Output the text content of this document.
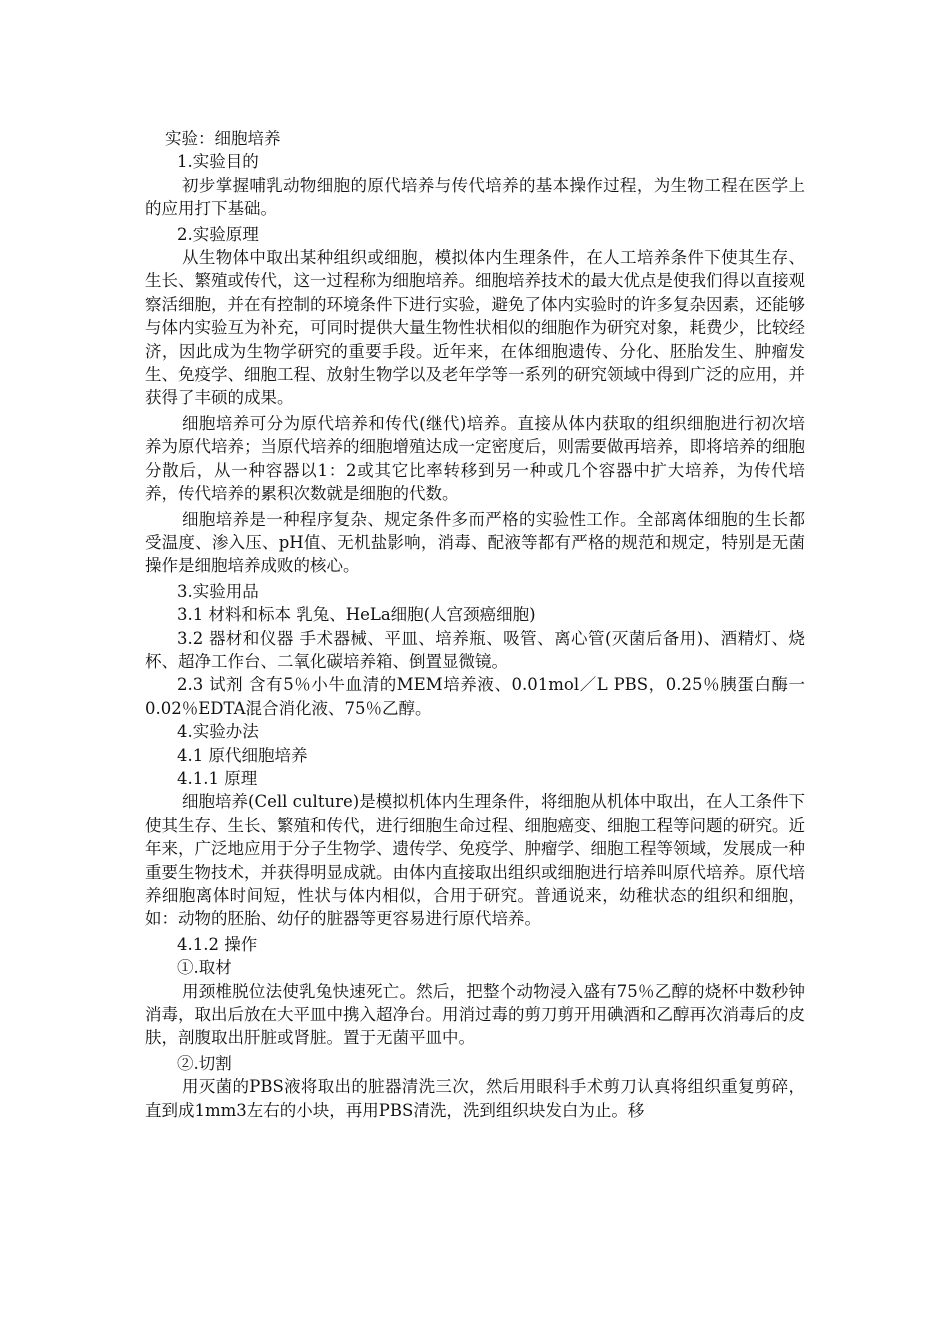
实验：细胞培养
1.实验目的
初步掌握哺乳动物细胞的原代培养与传代培养的基本操作过程，为生物工程在医学上的应用打下基础。
2.实验原理
从生物体中取出某种组织或细胞，模拟体内生理条件，在人工培养条件下使其生存、生长、繁殖或传代，这一过程称为细胞培养。细胞培养技术的最大优点是使我们得以直接观察活细胞，并在有控制的环境条件下进行实验，避免了体内实验时的许多复杂因素，还能够与体内实验互为补充，可同时提供大量生物性状相似的细胞作为研究对象，耗费少，比较经济，因此成为生物学研究的重要手段。近年来，在体细胞遗传、分化、胚胎发生、肿瘤发生、免疫学、细胞工程、放射生物学以及老年学等一系列的研究领域中得到广泛的应用，并获得了丰硕的成果。
细胞培养可分为原代培养和传代(继代)培养。直接从体内获取的组织细胞进行初次培养为原代培养；当原代培养的细胞增殖达成一定密度后，则需要做再培养，即将培养的细胞分散后，从一种容器以1：2或其它比率转移到另一种或几个容器中扩大培养，为传代培养，传代培养的累积次数就是细胞的代数。
细胞培养是一种程序复杂、规定条件多而严格的实验性工作。全部离体细胞的生长都受温度、渗入压、pH值、无机盐影响，消毒、配液等都有严格的规范和规定，特别是无菌操作是细胞培养成败的核心。
3.实验用品
3.1 材料和标本 乳兔、HeLa细胞(人宫颈癌细胞)
3.2 器材和仪器 手术器械、平皿、培养瓶、吸管、离心管(灭菌后备用)、酒精灯、烧杯、超净工作台、二氧化碳培养箱、倒置显微镜。
2.3 试剂 含有5％小牛血清的MEM培养液、0.01mol／L PBS，0.25％胰蛋白酶一0.02％EDTA混合消化液、75％乙醇。
4.实验办法
4.1 原代细胞培养
4.1.1 原理
细胞培养(Cell culture)是模拟机体内生理条件，将细胞从机体中取出，在人工条件下使其生存、生长、繁殖和传代，进行细胞生命过程、细胞癌变、细胞工程等问题的研究。近年来，广泛地应用于分子生物学、遗传学、免疫学、肿瘤学、细胞工程等领域，发展成一种重要生物技术，并获得明显成就。由体内直接取出组织或细胞进行培养叫原代培养。原代培养细胞离体时间短，性状与体内相似，合用于研究。普通说来，幼稚状态的组织和细胞，如：动物的胚胎、幼仔的脏器等更容易进行原代培养。
4.1.2 操作
①.取材
用颈椎脱位法使乳兔快速死亡。然后，把整个动物浸入盛有75％乙醇的烧杯中数秒钟消毒，取出后放在大平皿中携入超净台。用消过毒的剪刀剪开用碘酒和乙醇再次消毒后的皮肤，剖腹取出肝脏或肾脏。置于无菌平皿中。
②.切割
用灭菌的PBS液将取出的脏器清洗三次，然后用眼科手术剪刀认真将组织重复剪碎，直到成1mm3左右的小块，再用PBS清洗，洗到组织块发白为止。移
